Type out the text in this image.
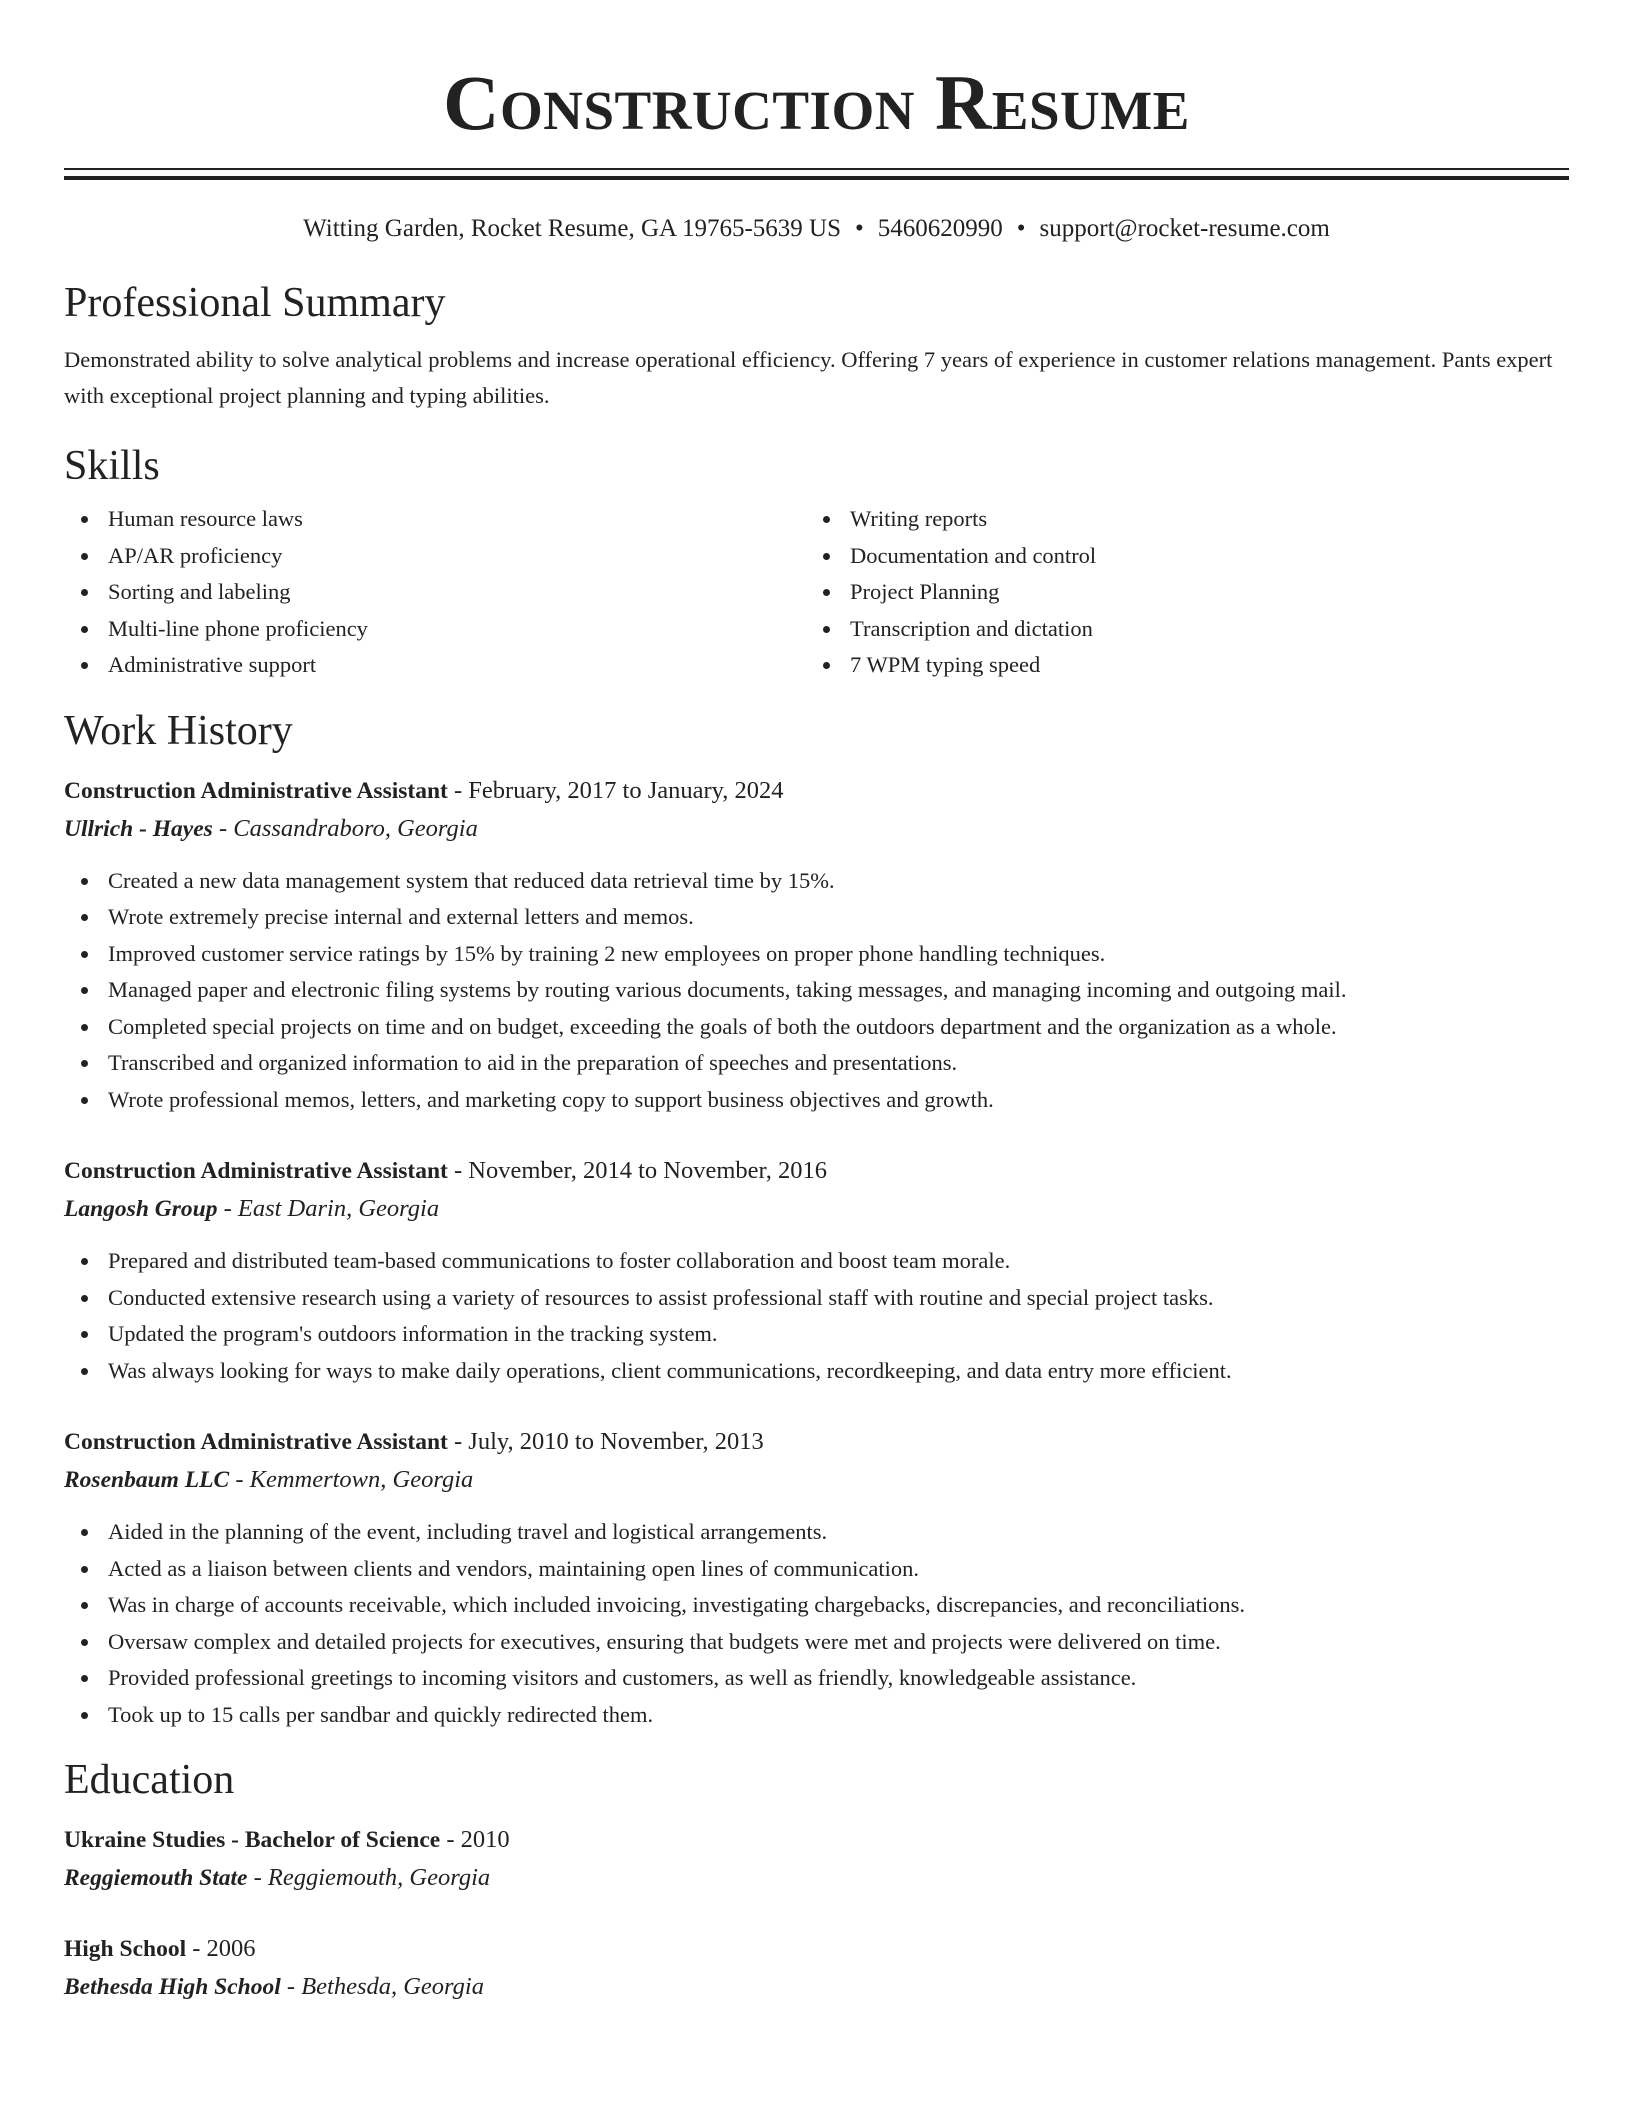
Construction Resume
Witting Garden, Rocket Resume, GA 19765-5639 US • 5460620990 • support@rocket-resume.com
Professional Summary
Demonstrated ability to solve analytical problems and increase operational efficiency. Offering 7 years of experience in customer relations management. Pants expert with exceptional project planning and typing abilities.
Skills
Human resource laws
AP/AR proficiency
Sorting and labeling
Multi-line phone proficiency
Administrative support
Writing reports
Documentation and control
Project Planning
Transcription and dictation
7 WPM typing speed
Work History
Construction Administrative Assistant - February, 2017 to January, 2024
Ullrich - Hayes - Cassandraboro, Georgia
Created a new data management system that reduced data retrieval time by 15%.
Wrote extremely precise internal and external letters and memos.
Improved customer service ratings by 15% by training 2 new employees on proper phone handling techniques.
Managed paper and electronic filing systems by routing various documents, taking messages, and managing incoming and outgoing mail.
Completed special projects on time and on budget, exceeding the goals of both the outdoors department and the organization as a whole.
Transcribed and organized information to aid in the preparation of speeches and presentations.
Wrote professional memos, letters, and marketing copy to support business objectives and growth.
Construction Administrative Assistant - November, 2014 to November, 2016
Langosh Group - East Darin, Georgia
Prepared and distributed team-based communications to foster collaboration and boost team morale.
Conducted extensive research using a variety of resources to assist professional staff with routine and special project tasks.
Updated the program's outdoors information in the tracking system.
Was always looking for ways to make daily operations, client communications, recordkeeping, and data entry more efficient.
Construction Administrative Assistant - July, 2010 to November, 2013
Rosenbaum LLC - Kemmertown, Georgia
Aided in the planning of the event, including travel and logistical arrangements.
Acted as a liaison between clients and vendors, maintaining open lines of communication.
Was in charge of accounts receivable, which included invoicing, investigating chargebacks, discrepancies, and reconciliations.
Oversaw complex and detailed projects for executives, ensuring that budgets were met and projects were delivered on time.
Provided professional greetings to incoming visitors and customers, as well as friendly, knowledgeable assistance.
Took up to 15 calls per sandbar and quickly redirected them.
Education
Ukraine Studies - Bachelor of Science - 2010
Reggiemouth State - Reggiemouth, Georgia
High School - 2006
Bethesda High School - Bethesda, Georgia
